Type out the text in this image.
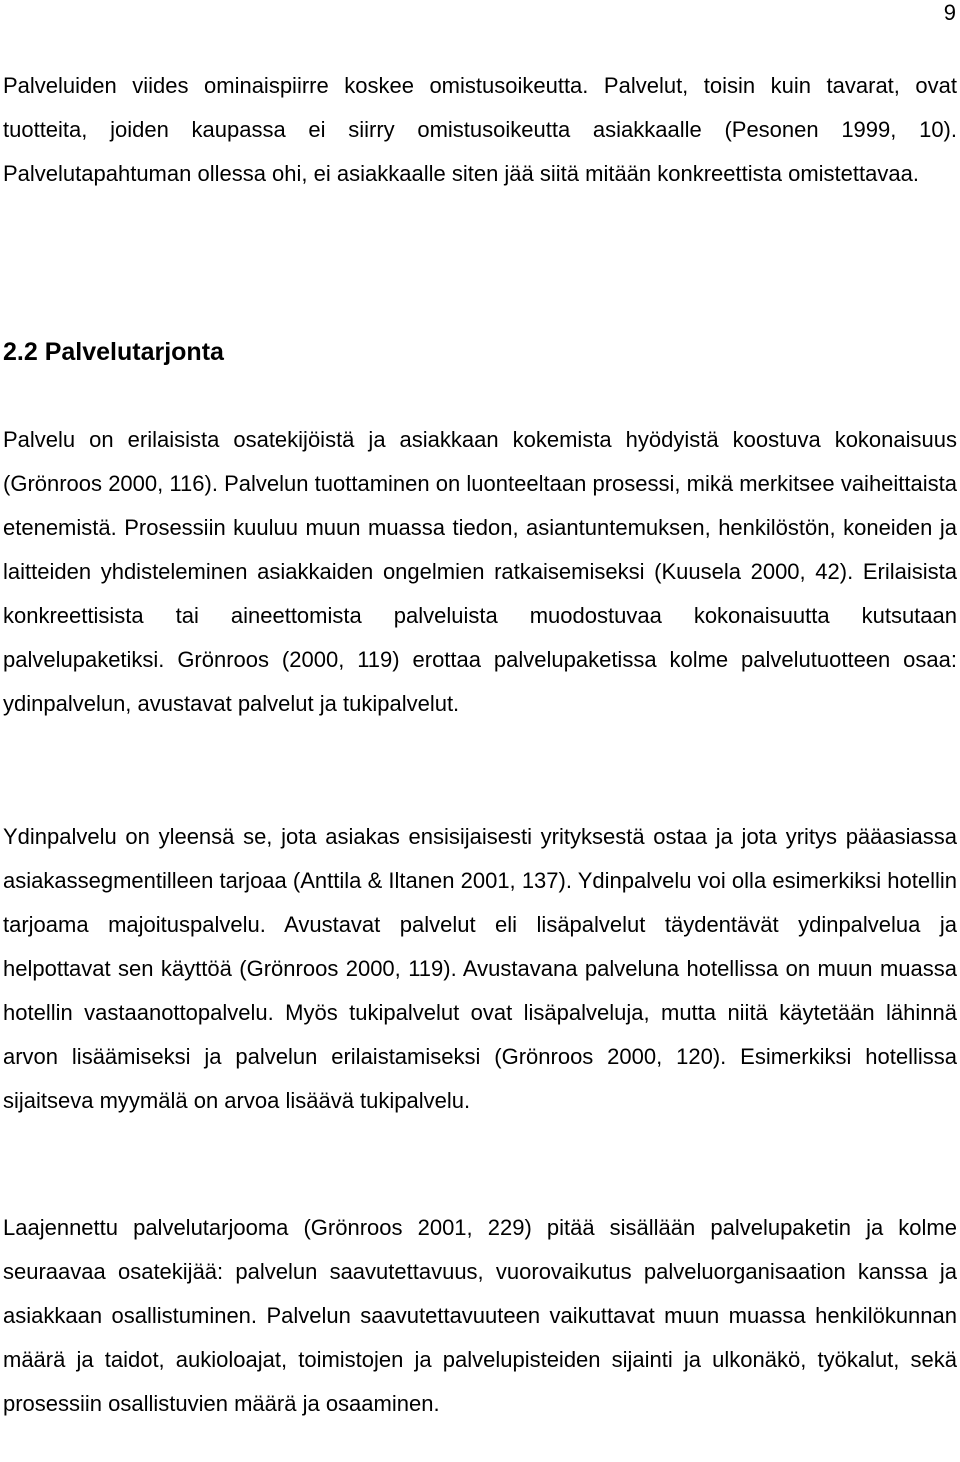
9

Palveluiden viides ominaispiirre koskee omistusoikeutta. Palvelut, toisin kuin tavarat, ovat tuotteita, joiden kaupassa ei siirry omistusoikeutta asiakkaalle (Pesonen 1999, 10). Palvelutapahtuman ollessa ohi, ei asiakkaalle siten jää siitä mitään konkreettista omistettavaa.

2.2 Palvelutarjonta

Palvelu on erilaisista osatekijöistä ja asiakkaan kokemista hyödyistä koostuva kokonaisuus (Grönroos 2000, 116). Palvelun tuottaminen on luonteeltaan prosessi, mikä merkitsee vaiheittaista etenemistä. Prosessiin kuuluu muun muassa tiedon, asiantuntemuksen, henkilöstön, koneiden ja laitteiden yhdisteleminen asiakkaiden ongelmien ratkaisemiseksi (Kuusela 2000, 42). Erilaisista konkreettisista tai aineettomista palveluista muodostuvaa kokonaisuutta kutsutaan palvelupaketiksi. Grönroos (2000, 119) erottaa palvelupaketissa kolme palvelutuotteen osaa: ydinpalvelun, avustavat palvelut ja tukipalvelut.

Ydinpalvelu on yleensä se, jota asiakas ensisijaisesti yrityksestä ostaa ja jota yritys pääasiassa asiakassegmentilleen tarjoaa (Anttila & Iltanen 2001, 137). Ydinpalvelu voi olla esimerkiksi hotellin tarjoama majoituspalvelu. Avustavat palvelut eli lisäpalvelut täydentävät ydinpalvelua ja helpottavat sen käyttöä (Grönroos 2000, 119). Avustavana palveluna hotellissa on muun muassa hotellin vastaanottopalvelu. Myös tukipalvelut ovat lisäpalveluja, mutta niitä käytetään lähinnä arvon lisäämiseksi ja palvelun erilaistamiseksi (Grönroos 2000, 120). Esimerkiksi hotellissa sijaitseva myymälä on arvoa lisäävä tukipalvelu.

Laajennettu palvelutarjooma (Grönroos 2001, 229) pitää sisällään palvelupaketin ja kolme seuraavaa osatekijää: palvelun saavutettavuus, vuorovaikutus palveluorganisaation kanssa ja asiakkaan osallistuminen. Palvelun saavutettavuuteen vaikuttavat muun muassa henkilökunnan määrä ja taidot, aukioloajat, toimistojen ja palvelupisteiden sijainti ja ulkonäkö, työkalut, sekä prosessiin osallistuvien määrä ja osaaminen.
